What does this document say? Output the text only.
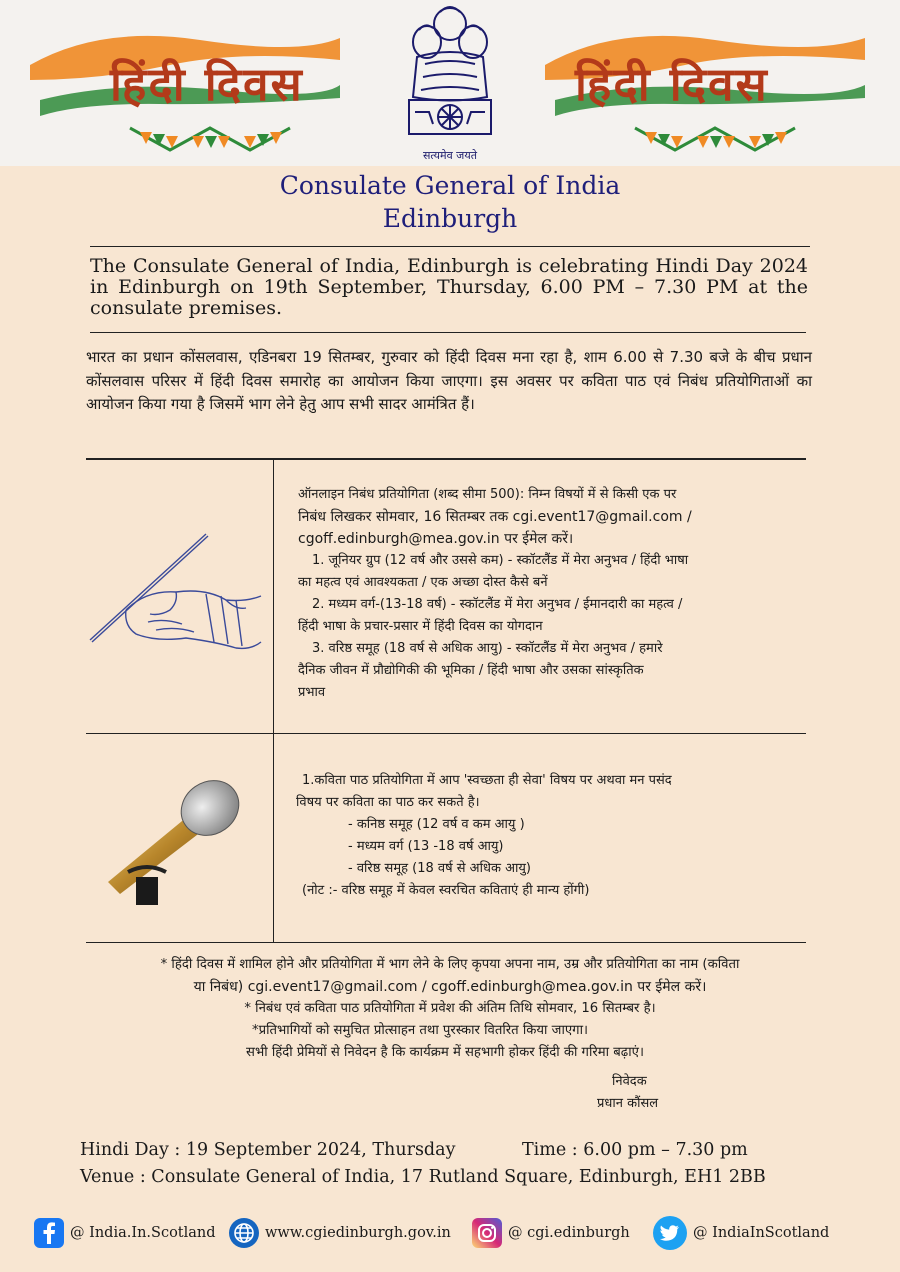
हिंदी दिवस
सत्यमेव जयते
हिंदी दिवस
Consulate General of India
Edinburgh
The Consulate General of India, Edinburgh is celebrating Hindi Day 2024 in Edinburgh on 19th September, Thursday, 6.00 PM – 7.30 PM at the consulate premises.
भारत का प्रधान कोंसलवास, एडिनबरा 19 सितम्बर, गुरुवार को हिंदी दिवस मना रहा है, शाम 6.00 से 7.30 बजे के बीच प्रधान कोंसलवास परिसर में हिंदी दिवस समारोह का आयोजन किया जाएगा। इस अवसर पर कविता पाठ एवं निबंध प्रतियोगिताओं का आयोजन किया गया है जिसमें भाग लेने हेतु आप सभी सादर आमंत्रित हैं।
ऑनलाइन निबंध प्रतियोगिता (शब्द सीमा 500): निम्न विषयों में से किसी एक पर
निबंध लिखकर सोमवार, 16 सितम्बर तक cgi.event17@gmail.com /
cgoff.edinburgh@mea.gov.in पर ईमेल करें।
1. जूनियर ग्रुप (12 वर्ष और उससे कम) - स्कॉटलैंड में मेरा अनुभव / हिंदी भाषा
का महत्व एवं आवश्यकता / एक अच्छा दोस्त कैसे बनें
2. मध्यम वर्ग-(13-18 वर्ष) - स्कॉटलैंड में मेरा अनुभव / ईमानदारी का महत्व /
हिंदी भाषा के प्रचार-प्रसार में हिंदी दिवस का योगदान
3. वरिष्ठ समूह (18 वर्ष से अधिक आयु) - स्कॉटलैंड में मेरा अनुभव / हमारे
दैनिक जीवन में प्रौद्योगिकी की भूमिका / हिंदी भाषा और उसका सांस्कृतिक
प्रभाव
1.कविता पाठ प्रतियोगिता में आप 'स्वच्छता ही सेवा' विषय पर अथवा मन पसंद
विषय पर कविता का पाठ कर सकते है।
- कनिष्ठ समूह (12 वर्ष व कम आयु )
- मध्यम वर्ग (13 -18 वर्ष आयु)
- वरिष्ठ समूह (18 वर्ष से अधिक आयु)
(नोट :- वरिष्ठ समूह में केवल स्वरचित कविताएं ही मान्य होंगी)
* हिंदी दिवस में शामिल होने और प्रतियोगिता में भाग लेने के लिए कृपया अपना नाम, उम्र और प्रतियोगिता का नाम (कविता
या निबंध) cgi.event17@gmail.com / cgoff.edinburgh@mea.gov.in पर ईमेल करें।
* निबंध एवं कविता पाठ प्रतियोगिता में प्रवेश की अंतिम तिथि सोमवार, 16 सितम्बर है।
*प्रतिभागियों को समुचित प्रोत्साहन तथा पुरस्कार वितरित किया जाएगा।
सभी हिंदी प्रेमियों से निवेदन है कि कार्यक्रम में सहभागी होकर हिंदी की गरिमा बढ़ाएं।
निवेदक
प्रधान कौंसल
Hindi Day : 19 September 2024, Thursday	Time : 6.00 pm – 7.30 pm
Venue : Consulate General of India, 17 Rutland Square, Edinburgh, EH1 2BB
@ India.In.Scotland	www.cgiedinburgh.gov.in	@ cgi.edinburgh	@ IndiaInScotland
